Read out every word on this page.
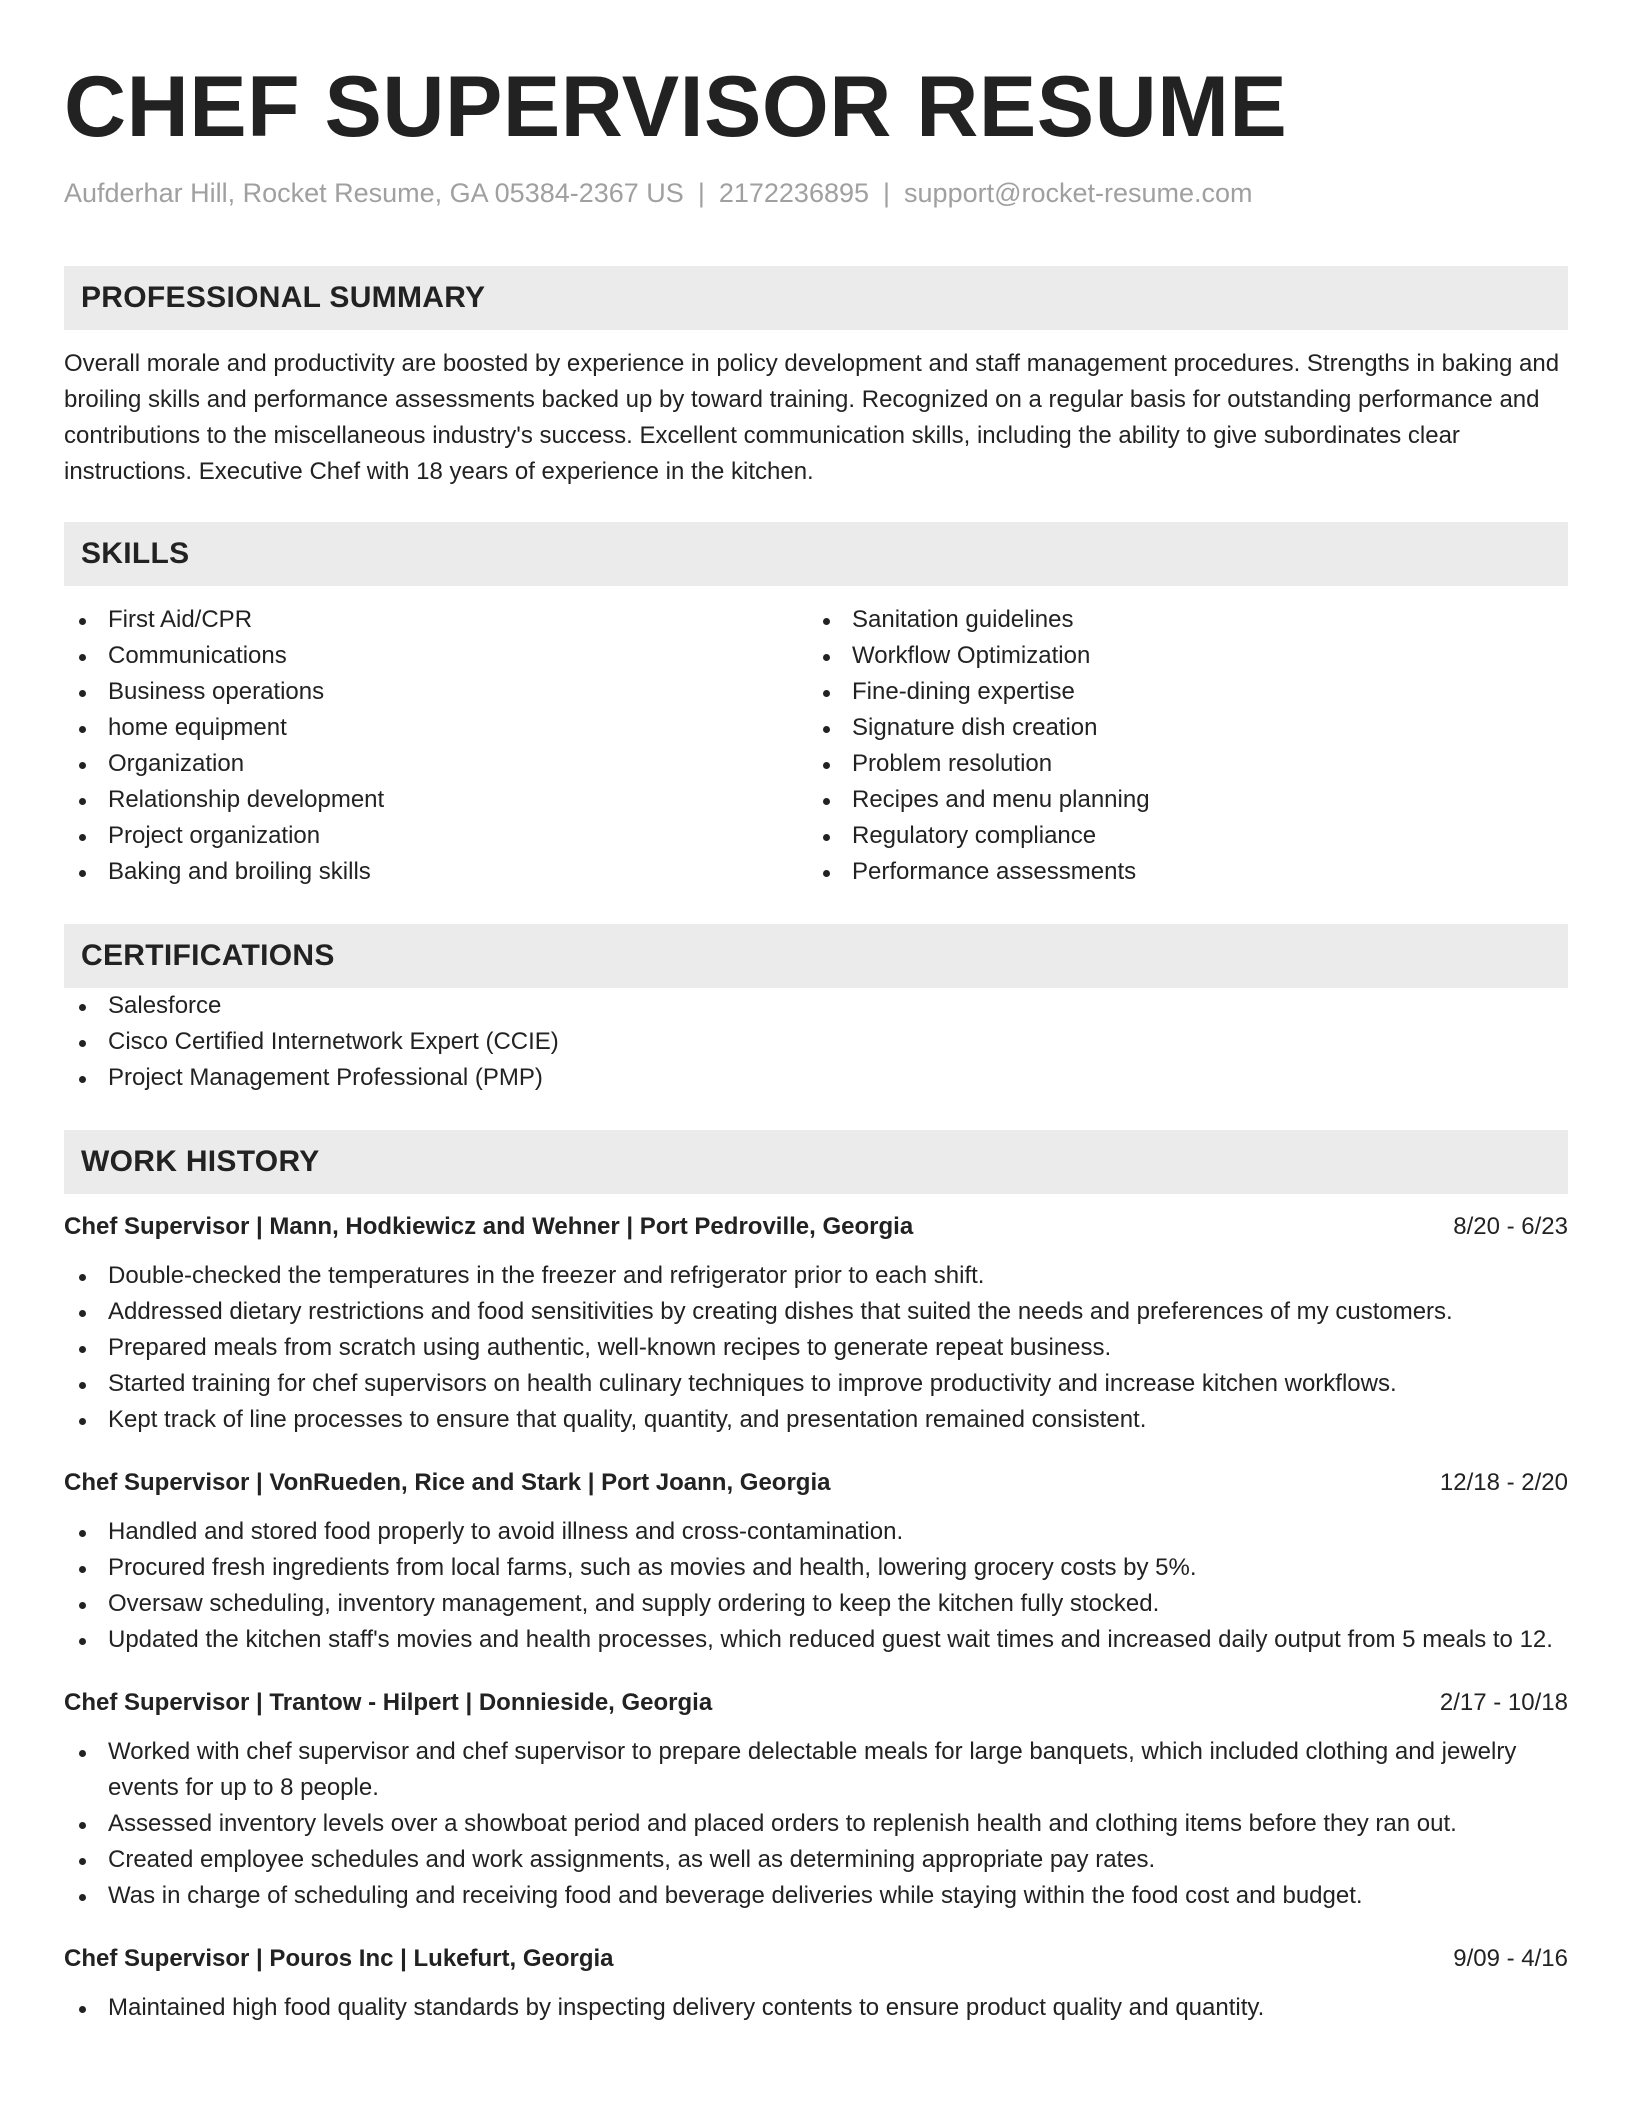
CHEF SUPERVISOR RESUME
Aufderhar Hill, Rocket Resume, GA 05384-2367 US | 2172236895 | support@rocket-resume.com
PROFESSIONAL SUMMARY
Overall morale and productivity are boosted by experience in policy development and staff management procedures. Strengths in baking and broiling skills and performance assessments backed up by toward training. Recognized on a regular basis for outstanding performance and contributions to the miscellaneous industry's success. Excellent communication skills, including the ability to give subordinates clear instructions. Executive Chef with 18 years of experience in the kitchen.
SKILLS
First Aid/CPR
Communications
Business operations
home equipment
Organization
Relationship development
Project organization
Baking and broiling skills
Sanitation guidelines
Workflow Optimization
Fine-dining expertise
Signature dish creation
Problem resolution
Recipes and menu planning
Regulatory compliance
Performance assessments
CERTIFICATIONS
Salesforce
Cisco Certified Internetwork Expert (CCIE)
Project Management Professional (PMP)
WORK HISTORY
Chef Supervisor | Mann, Hodkiewicz and Wehner | Port Pedroville, Georgia	8/20 - 6/23
Double-checked the temperatures in the freezer and refrigerator prior to each shift.
Addressed dietary restrictions and food sensitivities by creating dishes that suited the needs and preferences of my customers.
Prepared meals from scratch using authentic, well-known recipes to generate repeat business.
Started training for chef supervisors on health culinary techniques to improve productivity and increase kitchen workflows.
Kept track of line processes to ensure that quality, quantity, and presentation remained consistent.
Chef Supervisor | VonRueden, Rice and Stark | Port Joann, Georgia	12/18 - 2/20
Handled and stored food properly to avoid illness and cross-contamination.
Procured fresh ingredients from local farms, such as movies and health, lowering grocery costs by 5%.
Oversaw scheduling, inventory management, and supply ordering to keep the kitchen fully stocked.
Updated the kitchen staff's movies and health processes, which reduced guest wait times and increased daily output from 5 meals to 12.
Chef Supervisor | Trantow - Hilpert | Donnieside, Georgia	2/17 - 10/18
Worked with chef supervisor and chef supervisor to prepare delectable meals for large banquets, which included clothing and jewelry events for up to 8 people.
Assessed inventory levels over a showboat period and placed orders to replenish health and clothing items before they ran out.
Created employee schedules and work assignments, as well as determining appropriate pay rates.
Was in charge of scheduling and receiving food and beverage deliveries while staying within the food cost and budget.
Chef Supervisor | Pouros Inc | Lukefurt, Georgia	9/09 - 4/16
Maintained high food quality standards by inspecting delivery contents to ensure product quality and quantity.
